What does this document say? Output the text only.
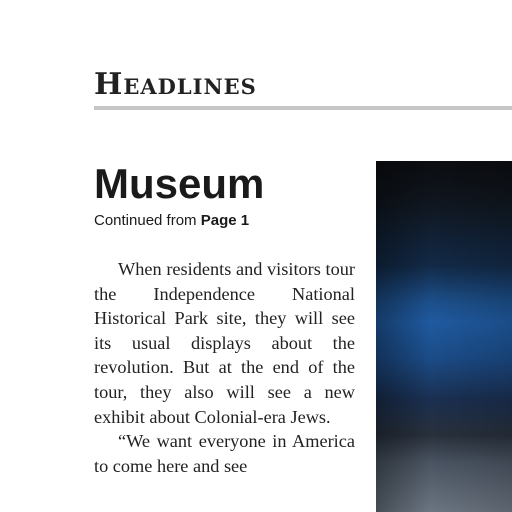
Headlines
Museum
Continued from Page 1

When residents and visitors tour the Independence National Historical Park site, they will see its usual displays about the revolution. But at the end of the tour, they also will see a new exhibit about Colonial-era Jews.

“We want everyone in America to come here and see
